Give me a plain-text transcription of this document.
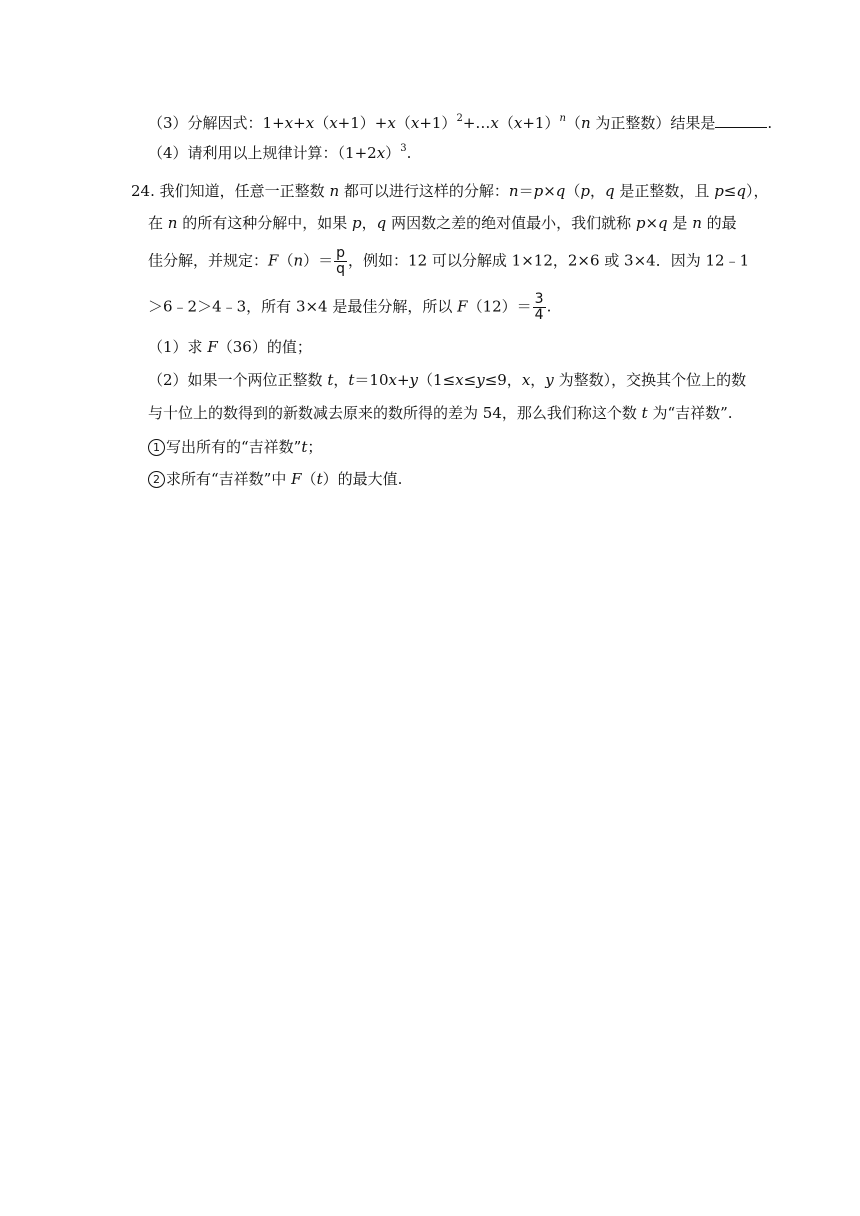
（3）分解因式：$1+x+x(x+1)+x(x+1)^2+\dots x(x+1)^n(n$ 为正整数）结果是	.
（4）请利用以上规律计算：$(1+2x)^3$.
24. 我们知道，任意一正整数 n 都可以进行这样的分解：n＝p×q（p，q 是正整数，且 p≤q），
在 n 的所有这种分解中，如果 p，q 两因数之差的绝对值最小，我们就称 p×q 是 n 的最
佳分解，并规定：$F(n)= \frac{p}{q}$ ，例如：12 可以分解成 1×12，2×6 或 3×4．因为 12﹣1
＞6﹣2＞4﹣3，所有 3×4 是最佳分解，所以 $F(12)= \frac{3}{4}$ .
（1）求 F（36）的值；
（2）如果一个两位正整数 t，t＝10x+y（1≤x≤y≤9，x，y 为整数），交换其个位上的数
与十位上的数得到的新数减去原来的数所得的差为 54，那么我们称这个数 t 为“吉祥数”.
1 写出所有的“吉祥数”t；
2 求所有“吉祥数”中 F（t）的最大值.
